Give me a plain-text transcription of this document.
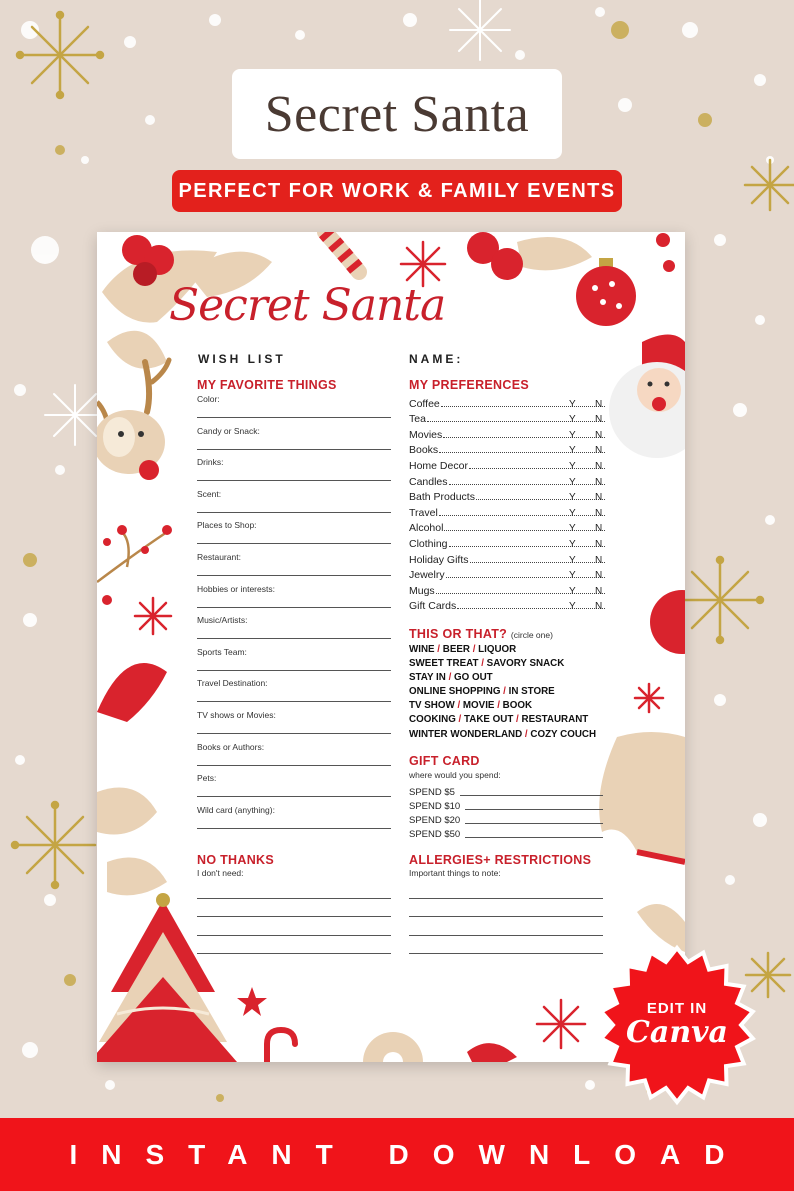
Secret Santa
PERFECT FOR WORK & FAMILY EVENTS
Secret Santa
WISH LIST	NAME:
MY FAVORITE THINGS
Color:
Candy or Snack:
Drinks:
Scent:
Places to Shop:
Restaurant:
Hobbies or interests:
Music/Artists:
Sports Team:
Travel Destination:
TV shows or Movies:
Books or Authors:
Pets:
Wild card (anything):
NO THANKS
I don't need:
MY PREFERENCES
Coffee	Y N
Tea	Y N
Movies	Y N
Books	Y N
Home Decor	Y N
Candles	Y N
Bath Products	Y N
Travel	Y N
Alcohol	Y N
Clothing	Y N
Holiday Gifts	Y N
Jewelry	Y N
Mugs	Y N
Gift Cards	Y N
THIS OR THAT? (circle one)
WINE / BEER / LIQUOR
SWEET TREAT / SAVORY SNACK
STAY IN / GO OUT
ONLINE SHOPPING / IN STORE
TV SHOW / MOVIE / BOOK
COOKING / TAKE OUT / RESTAURANT
WINTER WONDERLAND / COZY COUCH
GIFT CARD
where would you spend:
SPEND $5
SPEND $10
SPEND $20
SPEND $50
ALLERGIES+ RESTRICTIONS
Important things to note:
EDIT IN
Canva
INSTANT DOWNLOAD
